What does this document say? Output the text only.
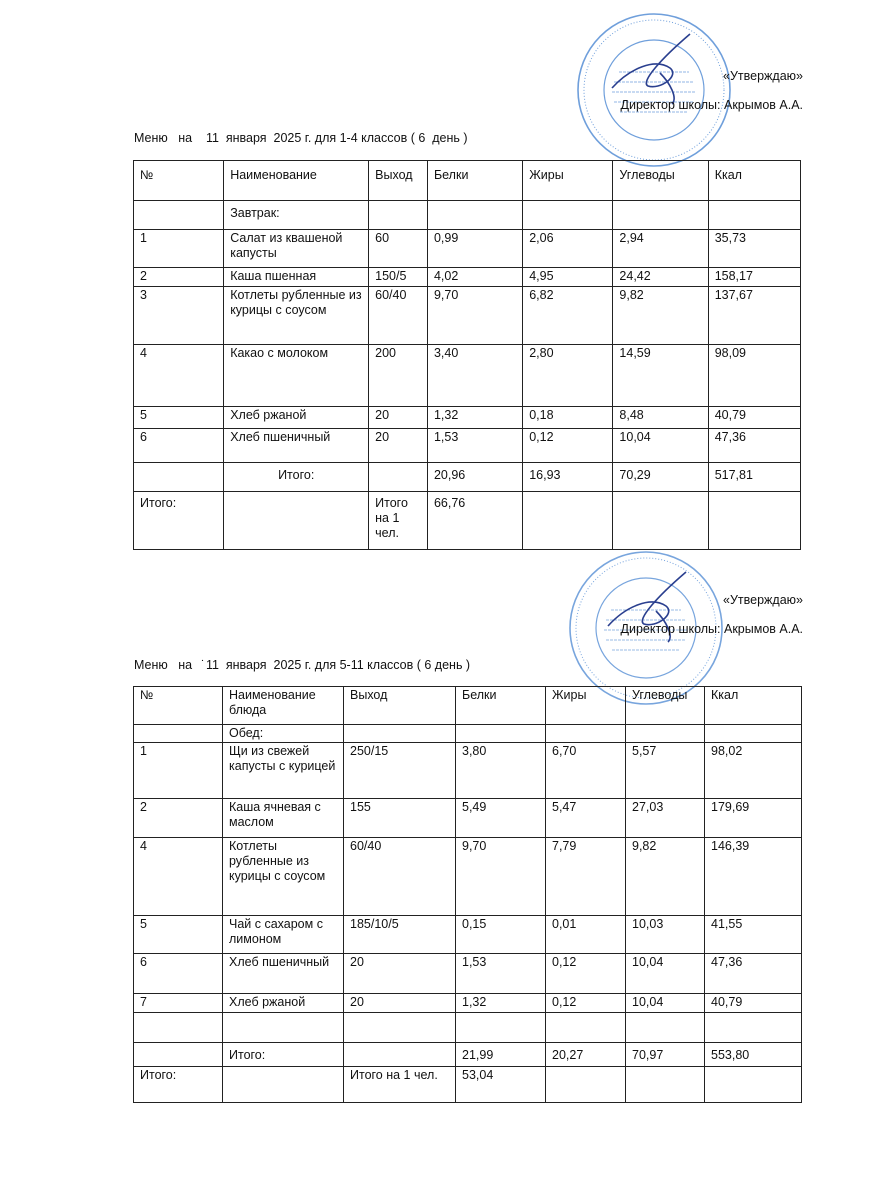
«Утверждаю»
Директор школы: Акрымов А.А.
Меню   на    11  января  2025 г. для 1-4 классов ( 6  день )
№	Наименование	Выход	Белки	Жиры	Углеводы	Ккал
	Завтрак:					
1	Салат из квашеной капусты	60	0,99	2,06	2,94	35,73
2	Каша пшенная	150/5	4,02	4,95	24,42	158,17
3	Котлеты рубленные из курицы с соусом	60/40	9,70	6,82	9,82	137,67
4	Какао с молоком	200	3,40	2,80	14,59	98,09
5	Хлеб ржаной	20	1,32	0,18	8,48	40,79
6	Хлеб пшеничный	20	1,53	0,12	10,04	47,36
	Итого:		20,96	16,93	70,29	517,81
Итого:		Итого на 1 чел.	66,76			
«Утверждаю»
Директор школы: Акрымов А.А.
Меню   на   ̇ 11  января  2025 г. для 5-11 классов ( 6 день )
№	Наименование блюда	Выход	Белки	Жиры	Углеводы	Ккал
	Обед:					
1	Щи из свежей капусты с курицей	250/15	3,80	6,70	5,57	98,02
2	Каша ячневая с маслом	155	5,49	5,47	27,03	179,69
4	Котлеты рубленные из курицы с соусом	60/40	9,70	7,79	9,82	146,39
5	Чай с сахаром с лимоном	185/10/5	0,15	0,01	10,03	41,55
6	Хлеб пшеничный	20	1,53	0,12	10,04	47,36
7	Хлеб ржаной	20	1,32	0,12	10,04	40,79

	Итого:		21,99	20,27	70,97	553,80
Итого:		Итого на 1 чел.	53,04			
